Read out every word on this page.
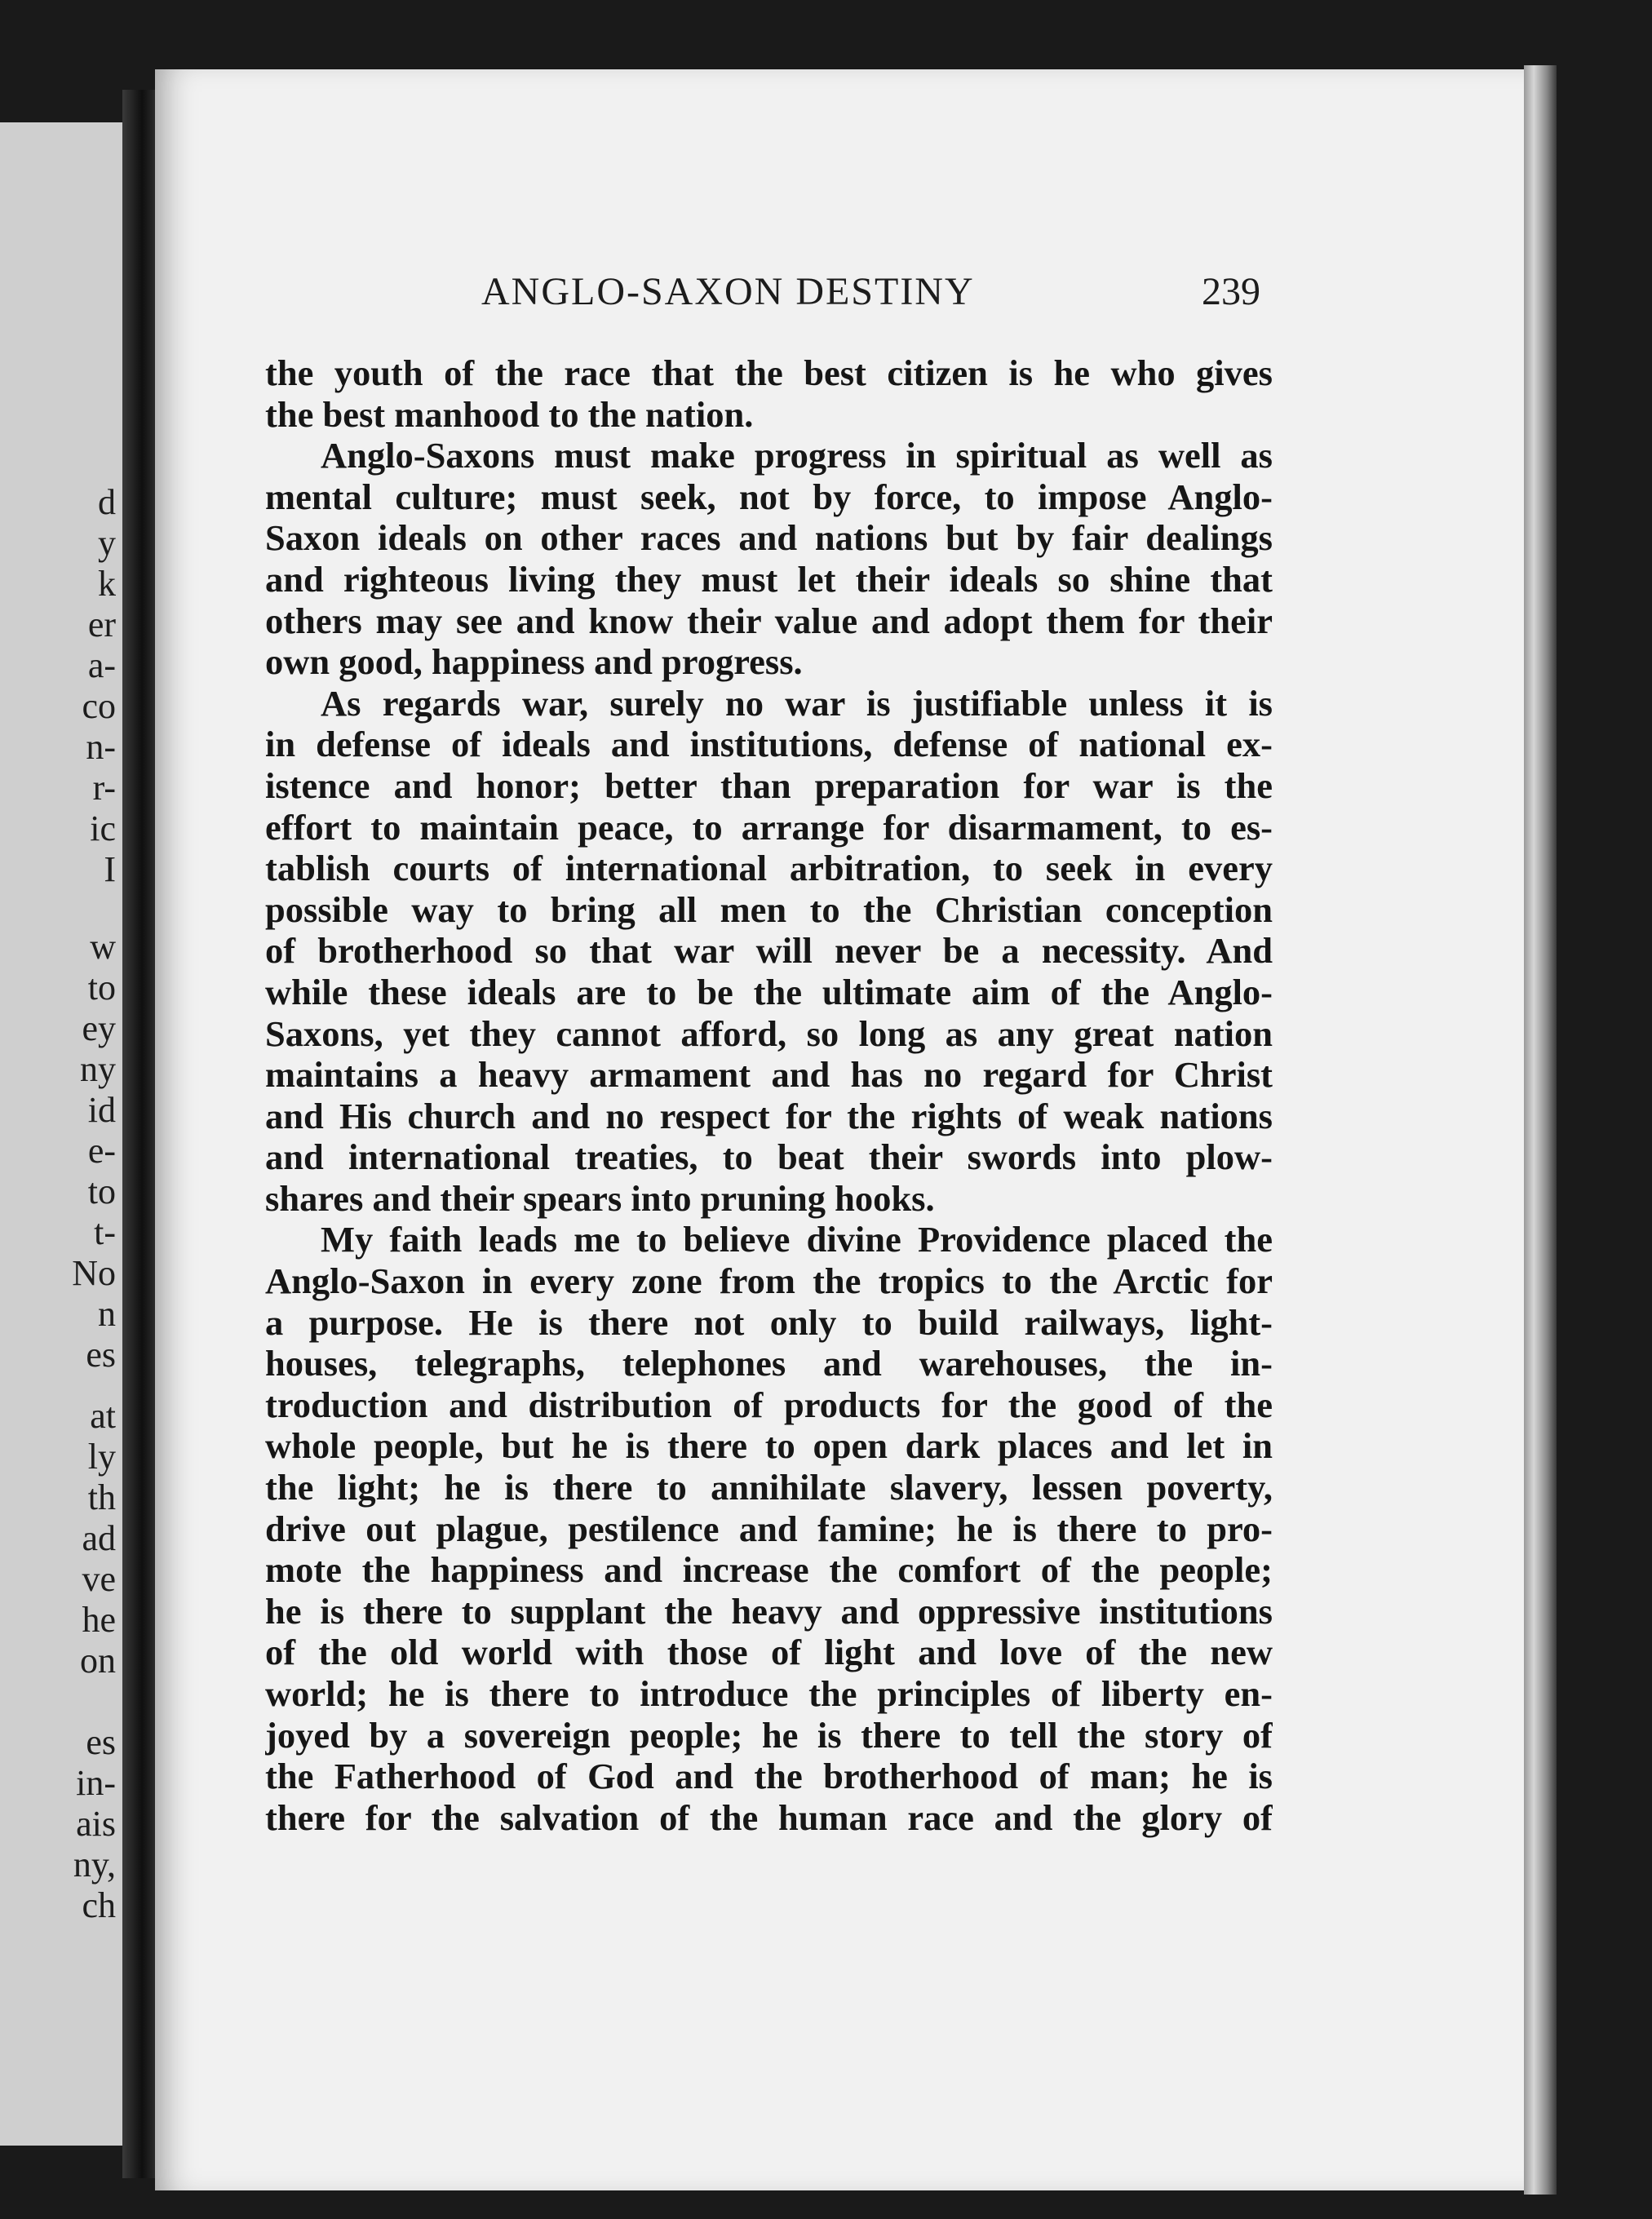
d
y
k
er
a-
co
n-
r-
ic
I
w
to
ey
ny
id
e-
to
t-
No
n
es
at
ly
th
ad
ve
he
on
es
in-
ais
ny,
ch
ANGLO-SAXON DESTINY	239
the youth of the race that the best citizen is he who gives
the best manhood to the nation.
Anglo-Saxons must make progress in spiritual as well as
mental culture; must seek, not by force, to impose Anglo-
Saxon ideals on other races and nations but by fair dealings
and righteous living they must let their ideals so shine that
others may see and know their value and adopt them for their
own good, happiness and progress.
As regards war, surely no war is justifiable unless it is
in defense of ideals and institutions, defense of national ex-
istence and honor; better than preparation for war is the
effort to maintain peace, to arrange for disarmament, to es-
tablish courts of international arbitration, to seek in every
possible way to bring all men to the Christian conception
of brotherhood so that war will never be a necessity. And
while these ideals are to be the ultimate aim of the Anglo-
Saxons, yet they cannot afford, so long as any great nation
maintains a heavy armament and has no regard for Christ
and His church and no respect for the rights of weak nations
and international treaties, to beat their swords into plow-
shares and their spears into pruning hooks.
My faith leads me to believe divine Providence placed the
Anglo-Saxon in every zone from the tropics to the Arctic for
a purpose. He is there not only to build railways, light-
houses, telegraphs, telephones and warehouses, the in-
troduction and distribution of products for the good of the
whole people, but he is there to open dark places and let in
the light; he is there to annihilate slavery, lessen poverty,
drive out plague, pestilence and famine; he is there to pro-
mote the happiness and increase the comfort of the people;
he is there to supplant the heavy and oppressive institutions
of the old world with those of light and love of the new
world; he is there to introduce the principles of liberty en-
joyed by a sovereign people; he is there to tell the story of
the Fatherhood of God and the brotherhood of man; he is
there for the salvation of the human race and the glory of
